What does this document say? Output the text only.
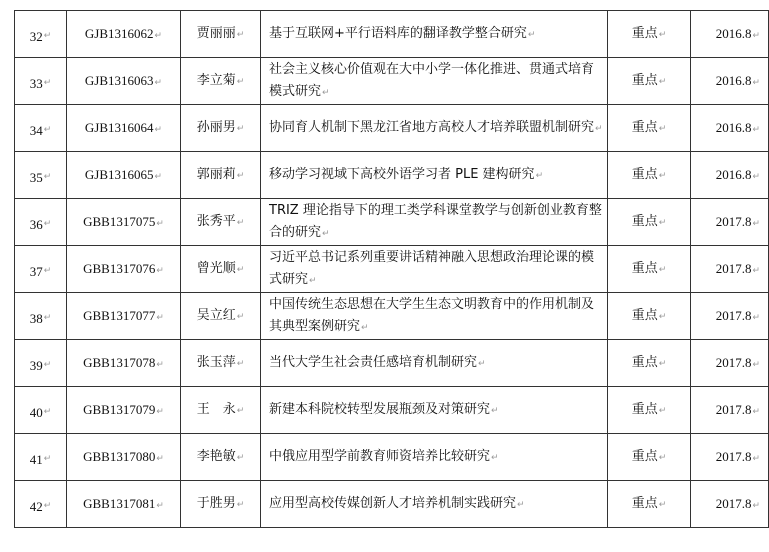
32↵	GJB1316062↵	贾丽丽↵	基于互联网+平行语料库的翻译教学整合研究↵	重点↵	2016.8↵
33↵	GJB1316063↵	李立菊↵	社会主义核心价值观在大中小学一体化推进、贯通式培育模式研究↵	重点↵	2016.8↵
34↵	GJB1316064↵	孙丽男↵	协同育人机制下黑龙江省地方高校人才培养联盟机制研究↵	重点↵	2016.8↵
35↵	GJB1316065↵	郭丽莉↵	移动学习视域下高校外语学习者 PLE 建构研究↵	重点↵	2016.8↵
36↵	GBB1317075↵	张秀平↵	TRIZ 理论指导下的理工类学科课堂教学与创新创业教育整合的研究↵	重点↵	2017.8↵
37↵	GBB1317076↵	曾光顺↵	习近平总书记系列重要讲话精神融入思想政治理论课的模式研究↵	重点↵	2017.8↵
38↵	GBB1317077↵	吴立红↵	中国传统生态思想在大学生生态文明教育中的作用机制及其典型案例研究↵	重点↵	2017.8↵
39↵	GBB1317078↵	张玉萍↵	当代大学生社会责任感培育机制研究↵	重点↵	2017.8↵
40↵	GBB1317079↵	王　永↵	新建本科院校转型发展瓶颈及对策研究↵	重点↵	2017.8↵
41↵	GBB1317080↵	李艳敏↵	中俄应用型学前教育师资培养比较研究↵	重点↵	2017.8↵
42↵	GBB1317081↵	于胜男↵	应用型高校传媒创新人才培养机制实践研究↵	重点↵	2017.8↵
